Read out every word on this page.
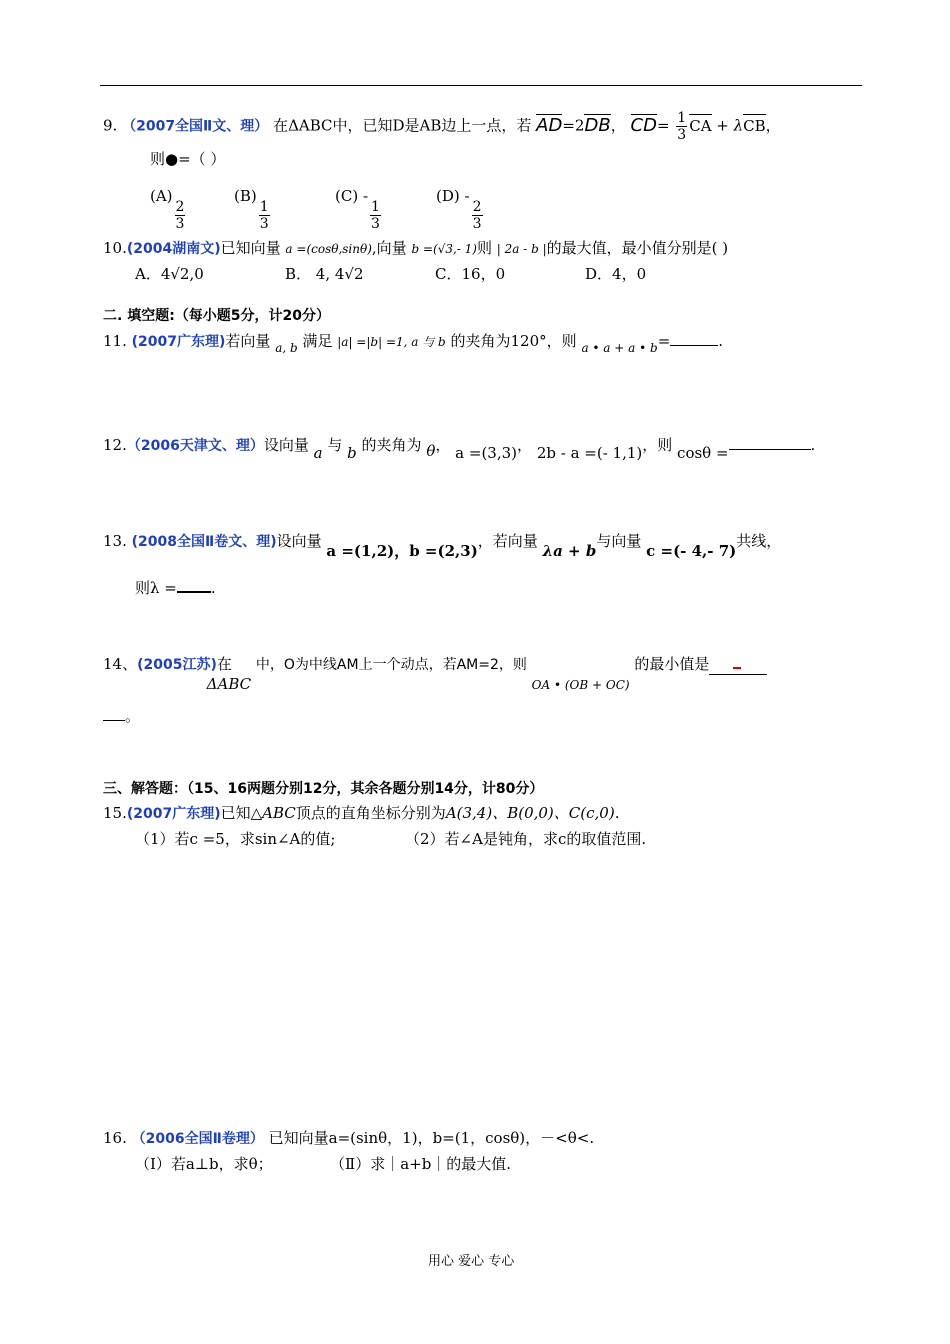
9. （2007全国Ⅱ文、理） 在ΔABC中，已知D是AB边上一点，若 AD=2DB， $CD= \frac{1}{3}$ CA + λCB，
则●=（ ）
(A)
$\frac{2}{3}$
(B)
$\frac{1}{3}$
(C) -
$\frac{1}{3}$
(D) -
$\frac{2}{3}$
10.(2004湖南文)已知向量 a =(cosθ,sinθ),向量 b =(√3,- 1)则 | 2a - b |的最大值，最小值分别是( )
A．4√2,0	B． 4, 4√2	C．16，0	D．4，0
二. 填空题:（每小题5分，计20分）
11. (2007广东理)若向量 $_{a, b}$ 满足 |a| =|b| =1, a 与 b 的夹角为120°，则 $_{a • a + a • b}$=	.
12.（2006天津文、理）设向量 a 与 b 的夹角为 θ， a =(3,3)， 2b - a =(- 1,1)，则 cosθ =	.
13. (2008全国Ⅱ卷文、理)设向量 a =(1,2)，b =(2,3)，若向量 λa + b与向量 c =(- 4,- 7)共线，
则λ = .
14、(2005江苏)在 ΔABC 中，O为中线AM上一个动点，若AM=2，则 $_{OA • (OB + OC)}$ 的最小值是
。
三、解答题：（15、16两题分别12分，其余各题分别14分，计80分）
15.(2007广东理)已知△ABC顶点的直角坐标分别为A(3,4)、B(0,0)、C(c,0).
（1）若c =5，求sin∠A的值;	（2）若∠A是钝角，求c的取值范围.
16. （2006全国Ⅱ卷理） 已知向量a=(sinθ，1)，b=(1，cosθ)，－<θ<.
（Ⅰ）若a⊥b，求θ；	（Ⅱ）求｜a+b｜的最大值.
用心 爱心 专心
